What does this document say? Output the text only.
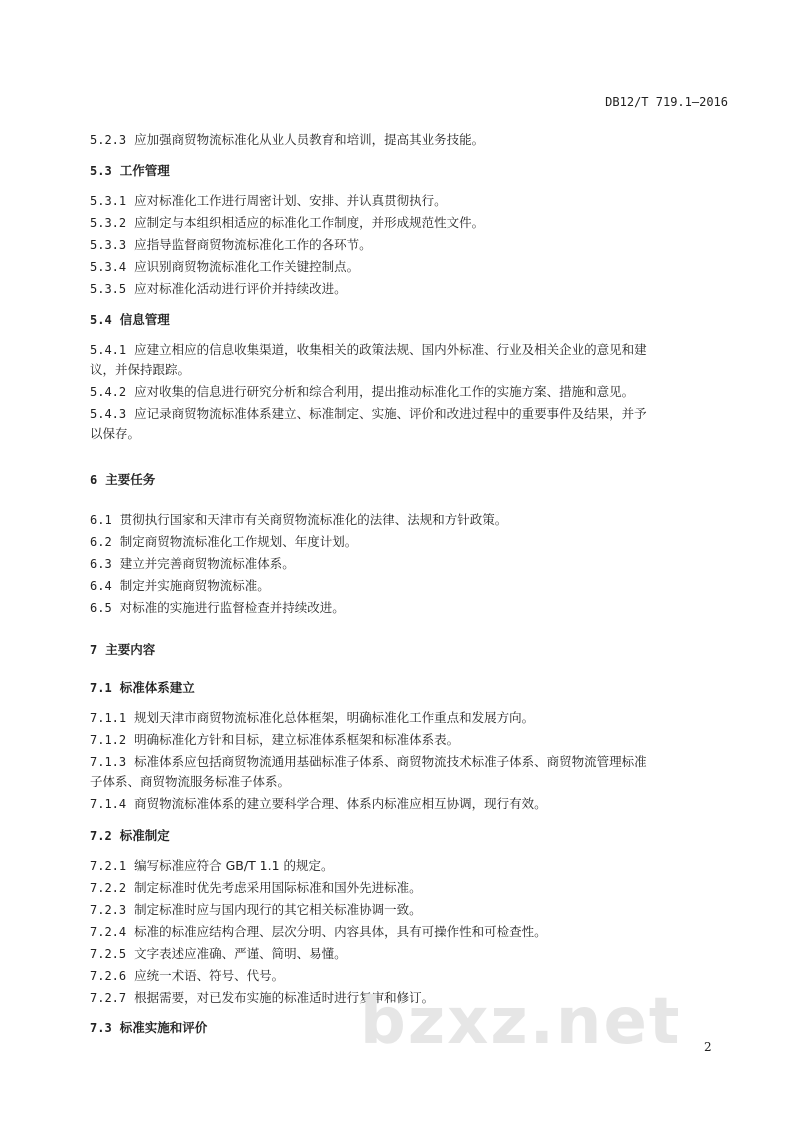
DB12/T 719.1—2016
5.2.3 应加强商贸物流标准化从业人员教育和培训，提高其业务技能。
5.3 工作管理
5.3.1 应对标准化工作进行周密计划、安排、并认真贯彻执行。
5.3.2 应制定与本组织相适应的标准化工作制度，并形成规范性文件。
5.3.3 应指导监督商贸物流标准化工作的各环节。
5.3.4 应识别商贸物流标准化工作关键控制点。
5.3.5 应对标准化活动进行评价并持续改进。
5.4 信息管理
5.4.1 应建立相应的信息收集渠道，收集相关的政策法规、国内外标准、行业及相关企业的意见和建
议，并保持跟踪。
5.4.2 应对收集的信息进行研究分析和综合利用，提出推动标准化工作的实施方案、措施和意见。
5.4.3 应记录商贸物流标准体系建立、标准制定、实施、评价和改进过程中的重要事件及结果，并予
以保存。
6 主要任务
6.1 贯彻执行国家和天津市有关商贸物流标准化的法律、法规和方针政策。
6.2 制定商贸物流标准化工作规划、年度计划。
6.3 建立并完善商贸物流标准体系。
6.4 制定并实施商贸物流标准。
6.5 对标准的实施进行监督检查并持续改进。
7 主要内容
7.1 标准体系建立
7.1.1 规划天津市商贸物流标准化总体框架，明确标准化工作重点和发展方向。
7.1.2 明确标准化方针和目标，建立标准体系框架和标准体系表。
7.1.3 标准体系应包括商贸物流通用基础标准子体系、商贸物流技术标准子体系、商贸物流管理标准
子体系、商贸物流服务标准子体系。
7.1.4 商贸物流标准体系的建立要科学合理、体系内标准应相互协调，现行有效。
7.2 标准制定
7.2.1 编写标准应符合 GB/T 1.1 的规定。
7.2.2 制定标准时优先考虑采用国际标准和国外先进标准。
7.2.3 制定标准时应与国内现行的其它相关标准协调一致。
7.2.4 标准的标准应结构合理、层次分明、内容具体，具有可操作性和可检查性。
7.2.5 文字表述应准确、严谨、简明、易懂。
7.2.6 应统一术语、符号、代号。
7.2.7 根据需要，对已发布实施的标准适时进行复审和修订。
7.3 标准实施和评价	bzxz.net 2
